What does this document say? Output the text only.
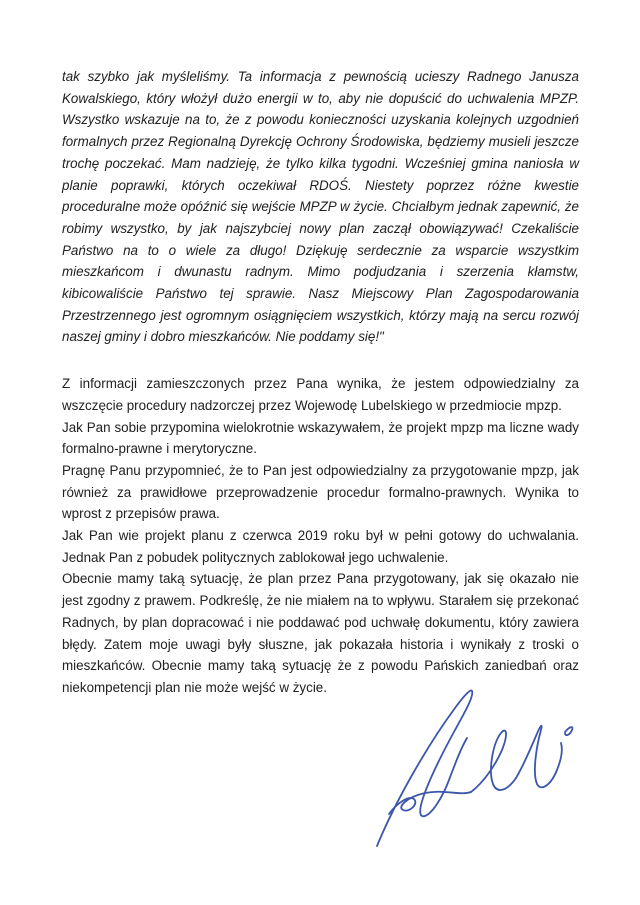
tak szybko jak myśleliśmy. Ta informacja z pewnością ucieszy Radnego Janusza Kowalskiego, który włożył dużo energii w to, aby nie dopuścić do uchwalenia MPZP. Wszystko wskazuje na to, że z powodu konieczności uzyskania kolejnych uzgodnień formalnych przez Regionalną Dyrekcję Ochrony Środowiska, będziemy musieli jeszcze trochę poczekać. Mam nadzieję, że tylko kilka tygodni. Wcześniej gmina naniosła w planie poprawki, których oczekiwał RDOŚ. Niestety poprzez różne kwestie proceduralne może opóźnić się wejście MPZP w życie. Chciałbym jednak zapewnić, że robimy wszystko, by jak najszybciej nowy plan zaczął obowiązywać! Czekaliście Państwo na to o wiele za długo! Dziękuję serdecznie za wsparcie wszystkim mieszkańcom i dwunastu radnym. Mimo podjudzania i szerzenia kłamstw, kibicowaliście Państwo tej sprawie. Nasz Miejscowy Plan Zagospodarowania Przestrzennego jest ogromnym osiągnięciem wszystkich, którzy mają na sercu rozwój naszej gminy i dobro mieszkańców. Nie poddamy się!"

Z informacji zamieszczonych przez Pana wynika, że jestem odpowiedzialny za wszczęcie procedury nadzorczej przez Wojewodę Lubelskiego w przedmiocie mpzp.

Jak Pan sobie przypomina wielokrotnie wskazywałem, że projekt mpzp ma liczne wady formalno-prawne i merytoryczne.

Pragnę Panu przypomnieć, że to Pan jest odpowiedzialny za przygotowanie mpzp, jak również za prawidłowe przeprowadzenie procedur formalno-prawnych. Wynika to wprost z przepisów prawa.

Jak Pan wie projekt planu z czerwca 2019 roku był w pełni gotowy do uchwalania. Jednak Pan z pobudek politycznych zablokował jego uchwalenie.

Obecnie mamy taką sytuację, że plan przez Pana przygotowany, jak się okazało nie jest zgodny z prawem. Podkreślę, że nie miałem na to wpływu. Starałem się przekonać Radnych, by plan dopracować i nie poddawać pod uchwałę dokumentu, który zawiera błędy. Zatem moje uwagi były słuszne, jak pokazała historia i wynikały z troski o mieszkańców. Obecnie mamy taką sytuację że z powodu Pańskich zaniedbań oraz niekompetencji plan nie może wejść w życie.
